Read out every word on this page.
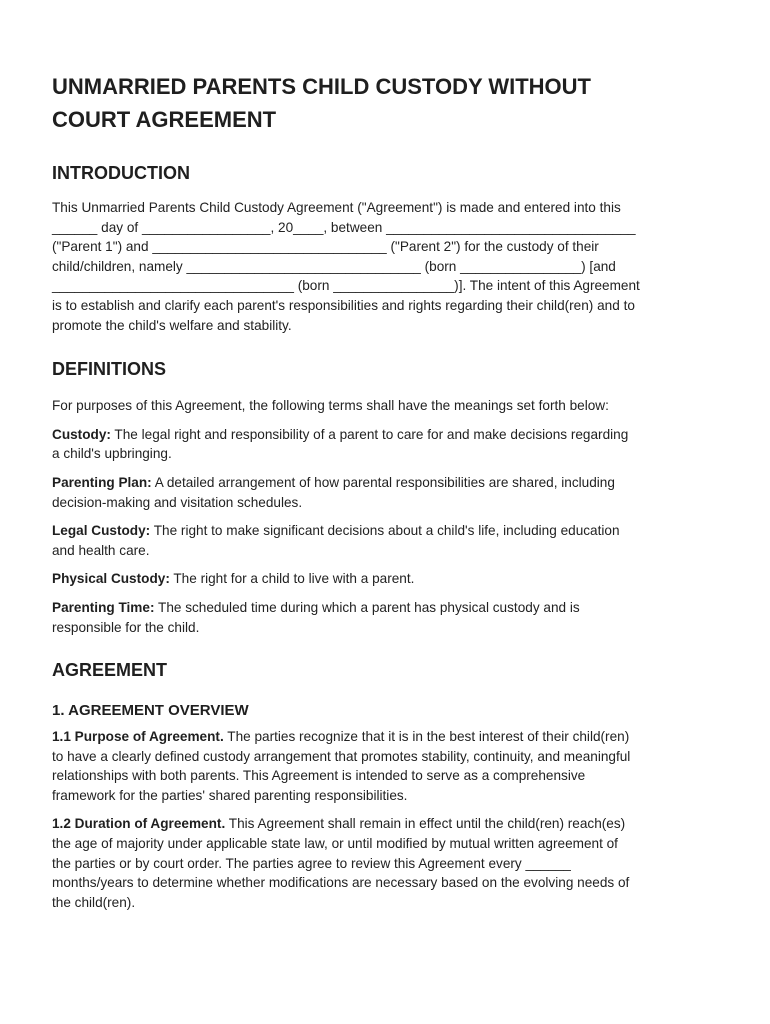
UNMARRIED PARENTS CHILD CUSTODY WITHOUT
COURT AGREEMENT
INTRODUCTION

This Unmarried Parents Child Custody Agreement ("Agreement") is made and entered into this
______ day of _________________, 20____, between _________________________________
("Parent 1") and _______________________________ ("Parent 2") for the custody of their
child/children, namely _______________________________ (born ________________) [and
________________________________ (born ________________)]. The intent of this Agreement
is to establish and clarify each parent's responsibilities and rights regarding their child(ren) and to
promote the child's welfare and stability.

DEFINITIONS

For purposes of this Agreement, the following terms shall have the meanings set forth below:

Custody: The legal right and responsibility of a parent to care for and make decisions regarding
a child's upbringing.

Parenting Plan: A detailed arrangement of how parental responsibilities are shared, including
decision-making and visitation schedules.

Legal Custody: The right to make significant decisions about a child's life, including education
and health care.

Physical Custody: The right for a child to live with a parent.

Parenting Time: The scheduled time during which a parent has physical custody and is
responsible for the child.

AGREEMENT
1. AGREEMENT OVERVIEW

1.1 Purpose of Agreement. The parties recognize that it is in the best interest of their child(ren)
to have a clearly defined custody arrangement that promotes stability, continuity, and meaningful
relationships with both parents. This Agreement is intended to serve as a comprehensive
framework for the parties' shared parenting responsibilities.

1.2 Duration of Agreement. This Agreement shall remain in effect until the child(ren) reach(es)
the age of majority under applicable state law, or until modified by mutual written agreement of
the parties or by court order. The parties agree to review this Agreement every ______
months/years to determine whether modifications are necessary based on the evolving needs of
the child(ren).
